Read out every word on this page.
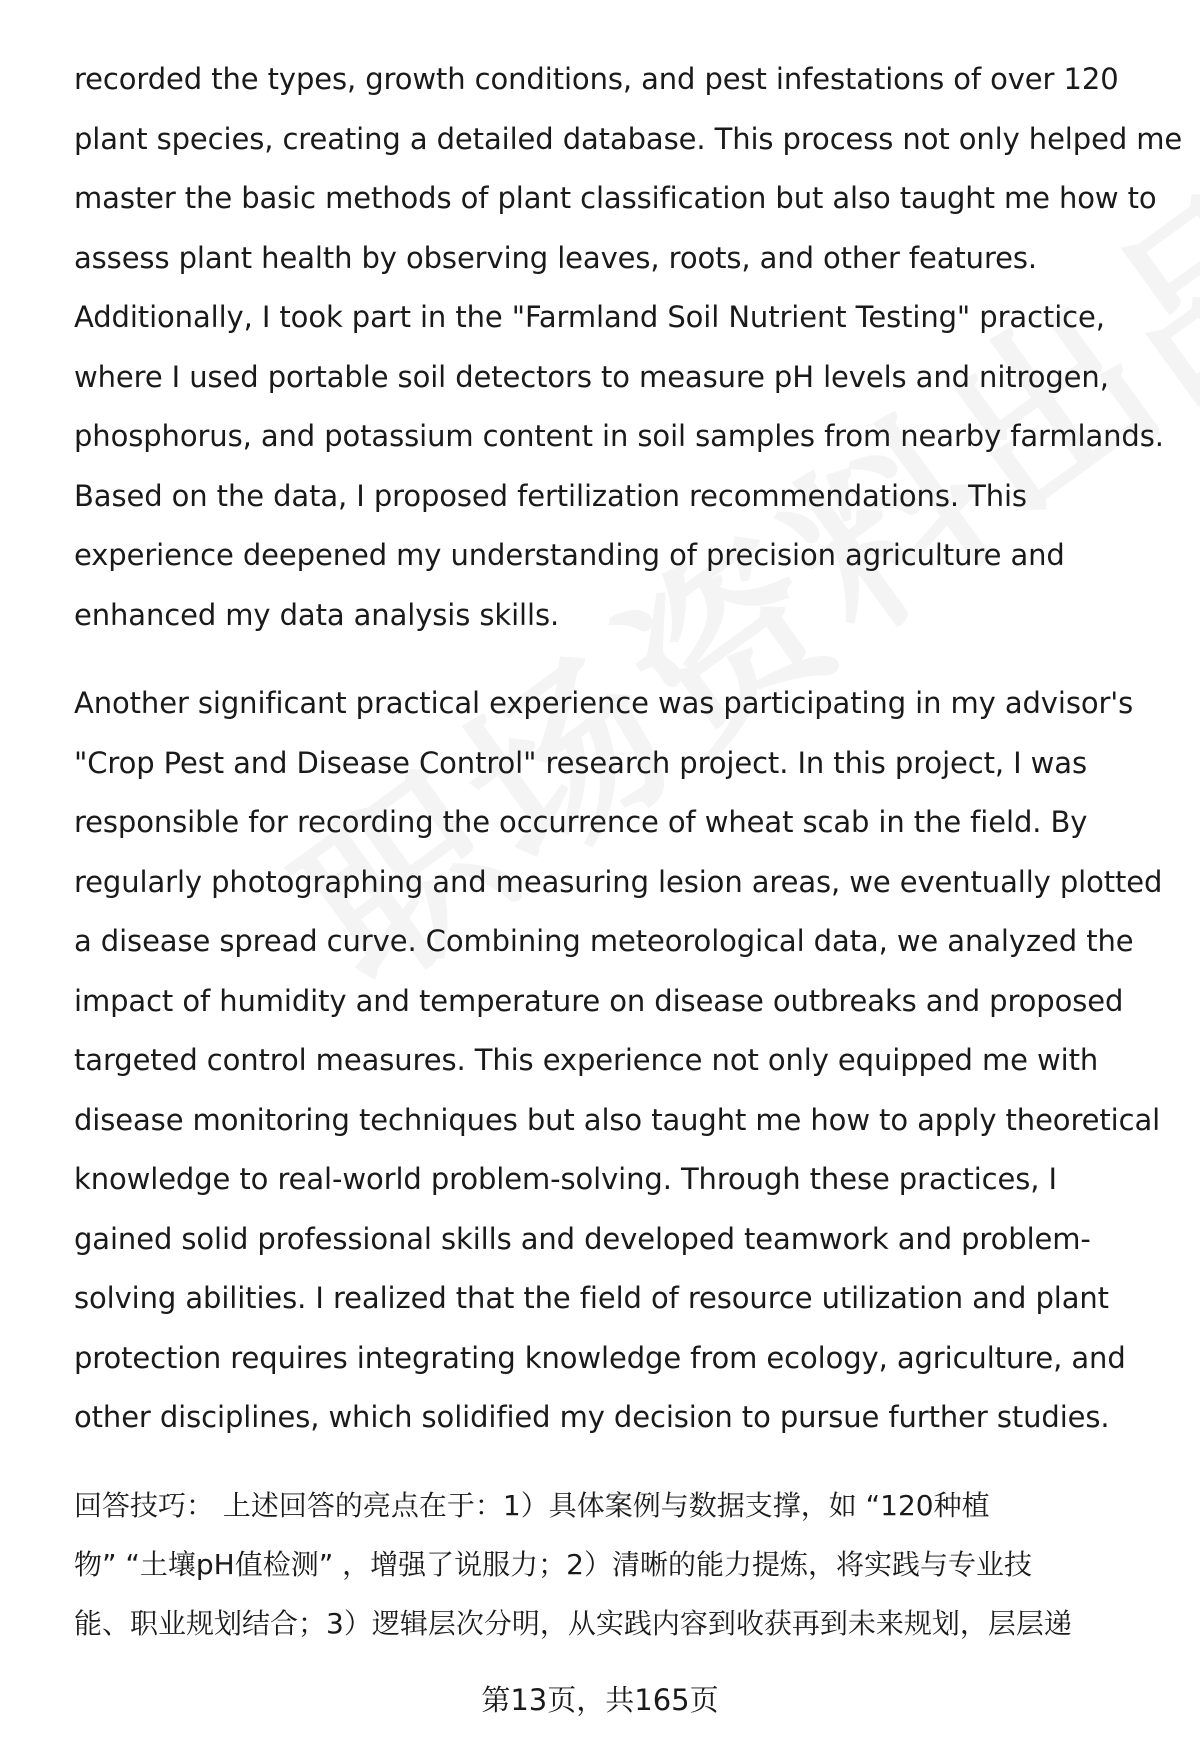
recorded the types, growth conditions, and pest infestations of over 120
plant species, creating a detailed database. This process not only helped me
master the basic methods of plant classification but also taught me how to
assess plant health by observing leaves, roots, and other features.
Additionally, I took part in the "Farmland Soil Nutrient Testing" practice,
where I used portable soil detectors to measure pH levels and nitrogen,
phosphorus, and potassium content in soil samples from nearby farmlands.
Based on the data, I proposed fertilization recommendations. This
experience deepened my understanding of precision agriculture and
enhanced my data analysis skills.

Another significant practical experience was participating in my advisor's
"Crop Pest and Disease Control" research project. In this project, I was
responsible for recording the occurrence of wheat scab in the field. By
regularly photographing and measuring lesion areas, we eventually plotted
a disease spread curve. Combining meteorological data, we analyzed the
impact of humidity and temperature on disease outbreaks and proposed
targeted control measures. This experience not only equipped me with
disease monitoring techniques but also taught me how to apply theoretical
knowledge to real-world problem-solving. Through these practices, I
gained solid professional skills and developed teamwork and problem-
solving abilities. I realized that the field of resource utilization and plant
protection requires integrating knowledge from ecology, agriculture, and
other disciplines, which solidified my decision to pursue further studies.

回答技巧： 上述回答的亮点在于：1）具体案例与数据支撑，如 “120种植
物” “土壤pH值检测” ，增强了说服力；2）清晰的能力提炼，将实践与专业技
能、职业规划结合；3）逻辑层次分明，从实践内容到收获再到未来规划，层层递
第13页，共165页
